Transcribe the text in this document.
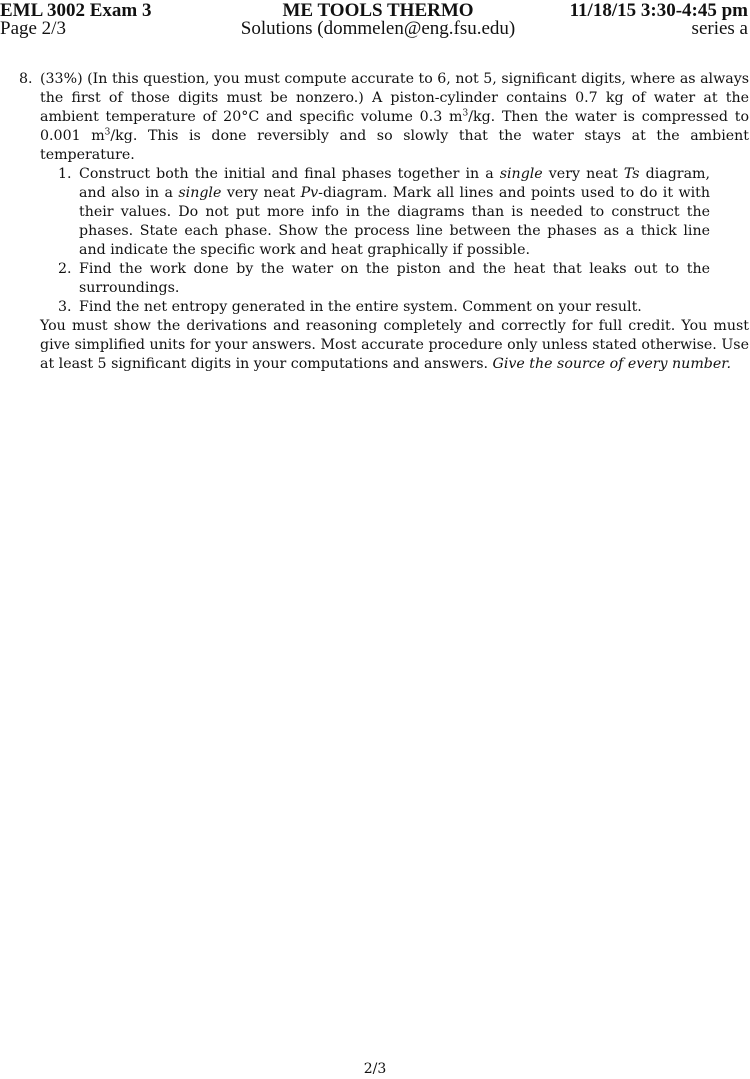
EML 3002 Exam 3	ME TOOLS THERMO	11/18/15 3:30-4:45 pm
Page 2/3	Solutions (dommelen@eng.fsu.edu)	series a
8. (33%) (In this question, you must compute accurate to 6, not 5, significant digits, where as always the first of those digits must be nonzero.) A piston-cylinder contains 0.7 kg of water at the ambient temperature of 20°C and specific volume 0.3 $m^3/kg$. Then the water is compressed to 0.001 $m^3/kg$. This is done reversibly and so slowly that the water stays at the ambient temperature.

1. Construct both the initial and final phases together in a single very neat Ts diagram, and also in a single very neat Pv-diagram. Mark all lines and points used to do it with their values. Do not put more info in the diagrams than is needed to construct the phases. State each phase. Show the process line between the phases as a thick line and indicate the specific work and heat graphically if possible.

2. Find the work done by the water on the piston and the heat that leaks out to the surroundings.

3. Find the net entropy generated in the entire system. Comment on your result.

You must show the derivations and reasoning completely and correctly for full credit. You must give simplified units for your answers. Most accurate procedure only unless stated otherwise. Use at least 5 significant digits in your computations and answers. Give the source of every number.

2/3
